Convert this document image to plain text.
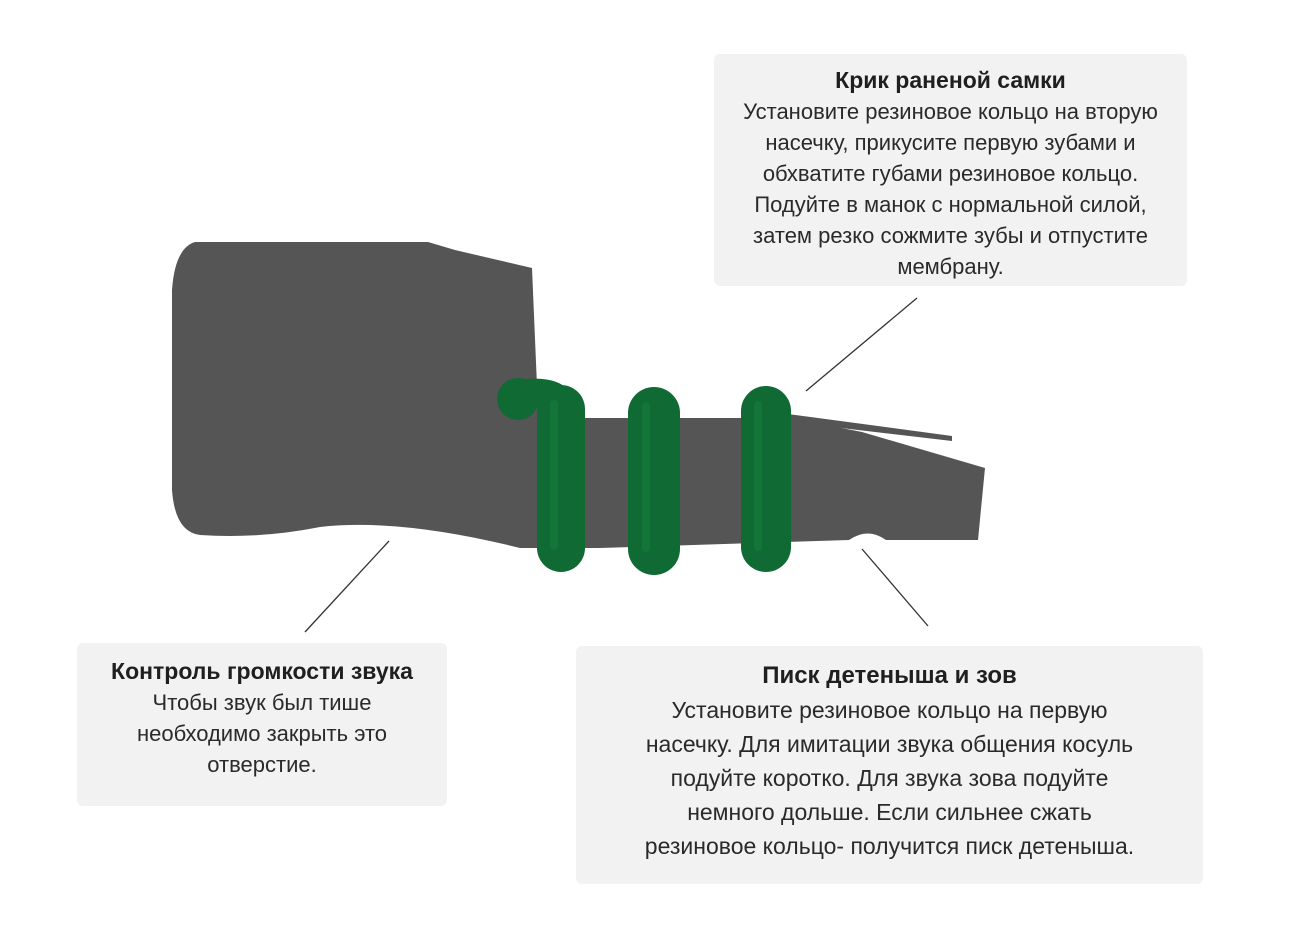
Крик раненой самки

Установите резиновое кольцо на вторую

насечку, прикусите первую зубами и

обхватите губами резиновое кольцо.

Подуйте в манок с нормальной силой,

затем резко сожмите зубы и отпустите

мембрану.

Контроль громкости звука

Чтобы звук был тише

необходимо закрыть это

отверстие.

Писк детеныша и зов

Установите резиновое кольцо на первую

насечку. Для имитации звука общения косуль

подуйте коротко. Для звука зова подуйте

немного дольше. Если сильнее сжать

резиновое кольцо- получится писк детеныша.
